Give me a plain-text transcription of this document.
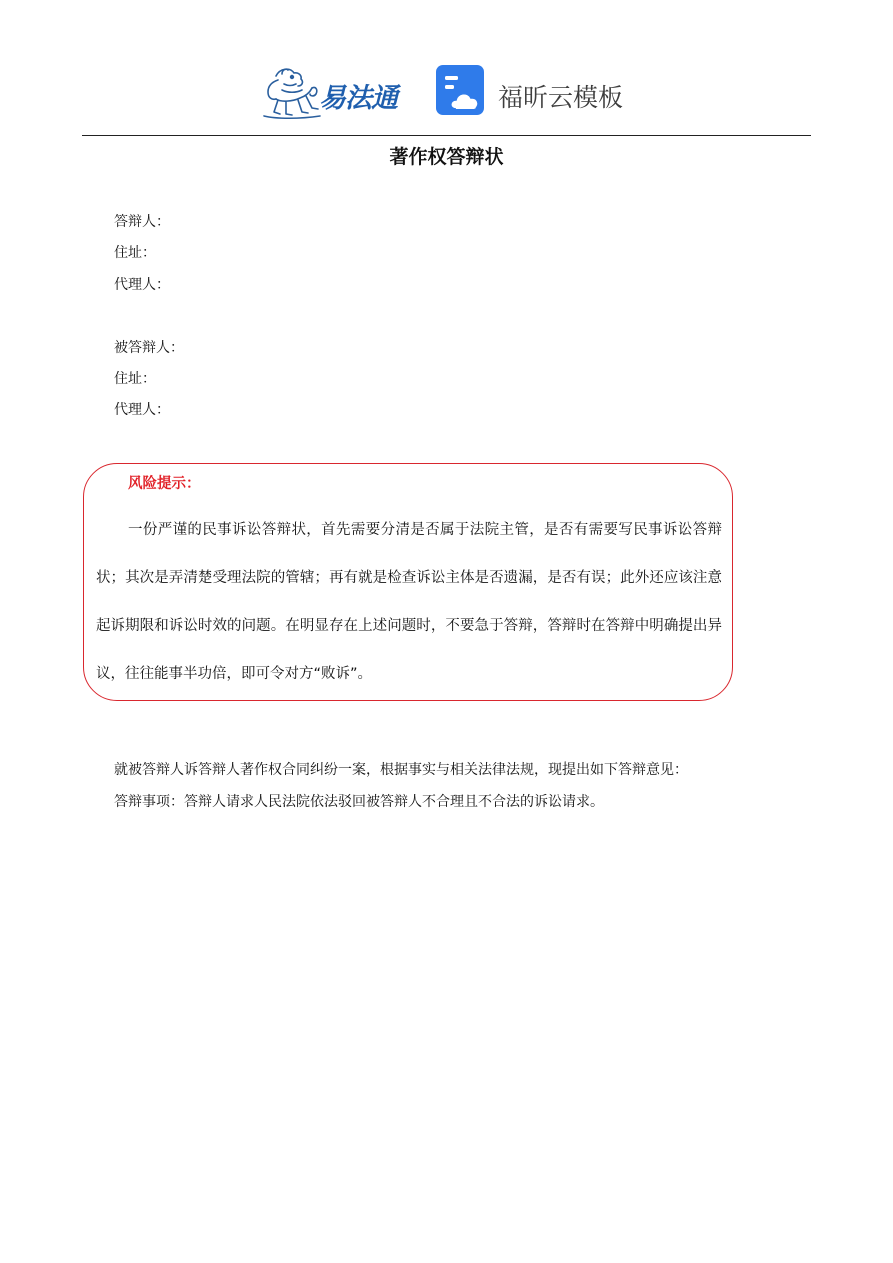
易法通	福昕云模板
著作权答辩状
答辩人：
住址：
代理人：
被答辩人：
住址：
代理人：
风险提示：

一份严谨的民事诉讼答辩状，首先需要分清是否属于法院主管，是否有需要写民事诉讼答辩状；其次是弄清楚受理法院的管辖；再有就是检查诉讼主体是否遗漏，是否有误；此外还应该注意起诉期限和诉讼时效的问题。在明显存在上述问题时，不要急于答辩，答辩时在答辩中明确提出异议，往往能事半功倍，即可令对方“败诉”。

就被答辩人诉答辩人著作权合同纠纷一案，根据事实与相关法律法规，现提出如下答辩意见：
答辩事项：答辩人请求人民法院依法驳回被答辩人不合理且不合法的诉讼请求。
